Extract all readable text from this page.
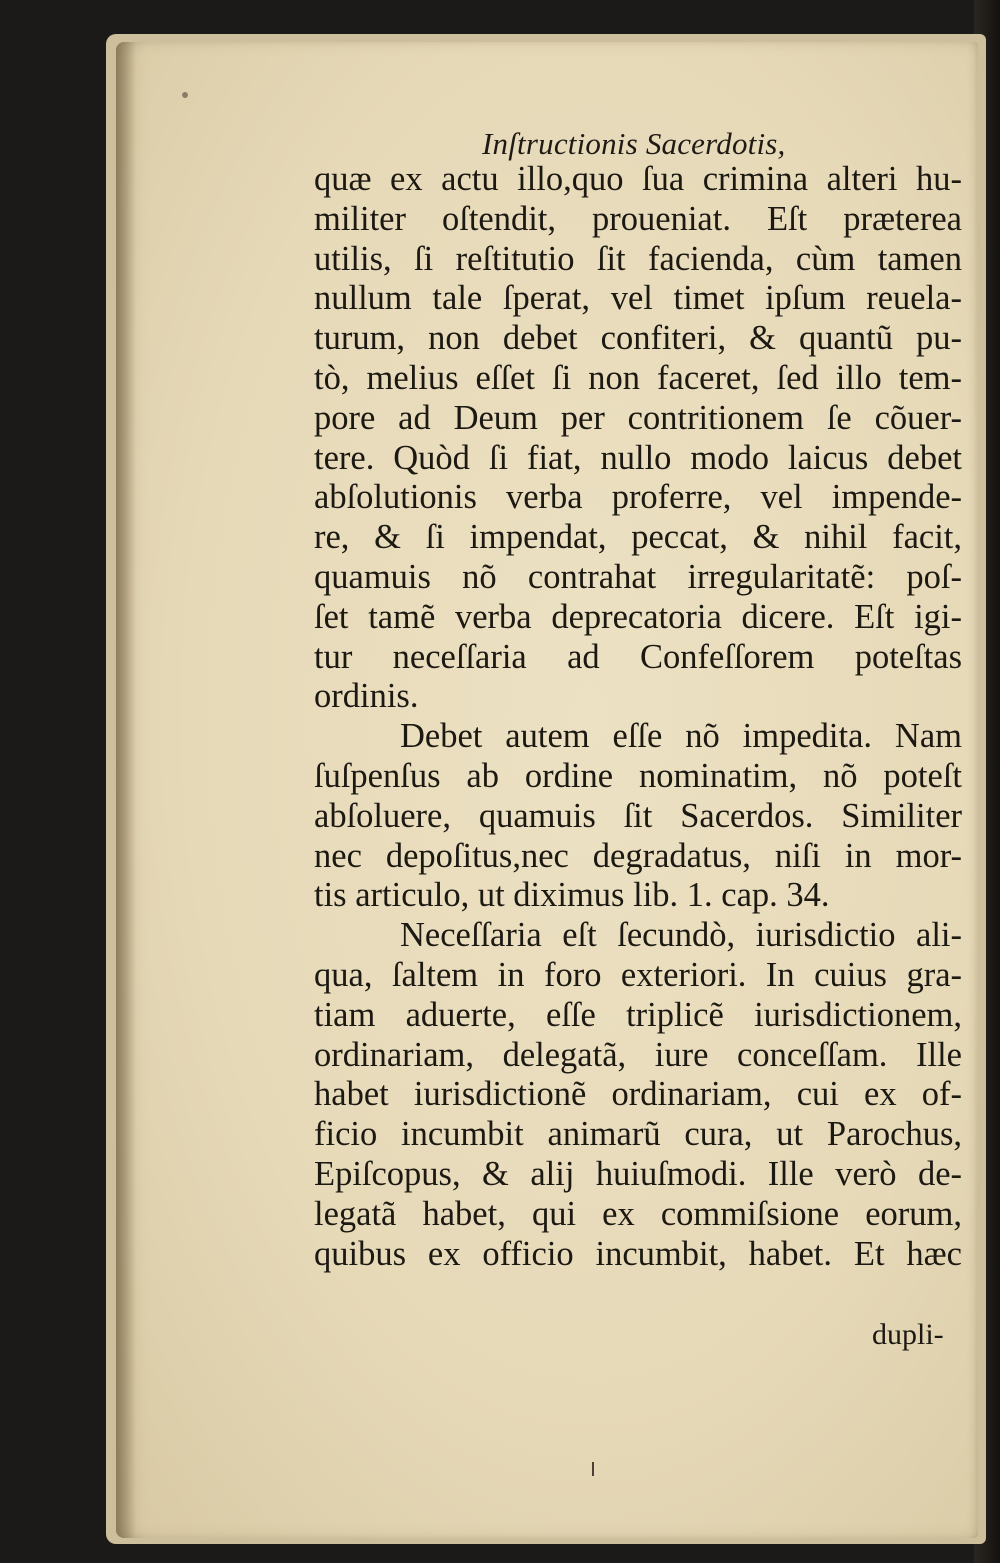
Inſtructionis Sacerdotis,
quæ ex actu illo,quo ſua crimina alteri hu-
militer oſtendit, proueniat. Eſt præterea
utilis, ſi reſtitutio ſit facienda, cùm tamen
nullum tale ſperat, vel timet ipſum reuela-
turum, non debet confiteri, & quantũ pu-
tò, melius eſſet ſi non faceret, ſed illo tem-
pore ad Deum per contritionem ſe cõuer-
tere. Quòd ſi fiat, nullo modo laicus debet
abſolutionis verba proferre, vel impende-
re, & ſi impendat, peccat, & nihil facit,
quamuis nõ contrahat irregularitatẽ: poſ-
ſet tamẽ verba deprecatoria dicere. Eſt igi-
tur neceſſaria ad Confeſſorem poteſtas
ordinis.
Debet autem eſſe nõ impedita. Nam
ſuſpenſus ab ordine nominatim, nõ poteſt
abſoluere, quamuis ſit Sacerdos. Similiter
nec depoſitus,nec degradatus, niſi in mor-
tis articulo, ut diximus lib. 1. cap. 34.
Neceſſaria eſt ſecundò, iurisdictio ali-
qua, ſaltem in foro exteriori. In cuius gra-
tiam aduerte, eſſe triplicẽ iurisdictionem,
ordinariam, delegatã, iure conceſſam. Ille
habet iurisdictionẽ ordinariam, cui ex of-
ficio incumbit animarũ cura, ut Parochus,
Epiſcopus, & alij huiuſmodi. Ille verò de-
legatã habet, qui ex commiſsione eorum,
quibus ex officio incumbit, habet. Et hæc
dupli-
